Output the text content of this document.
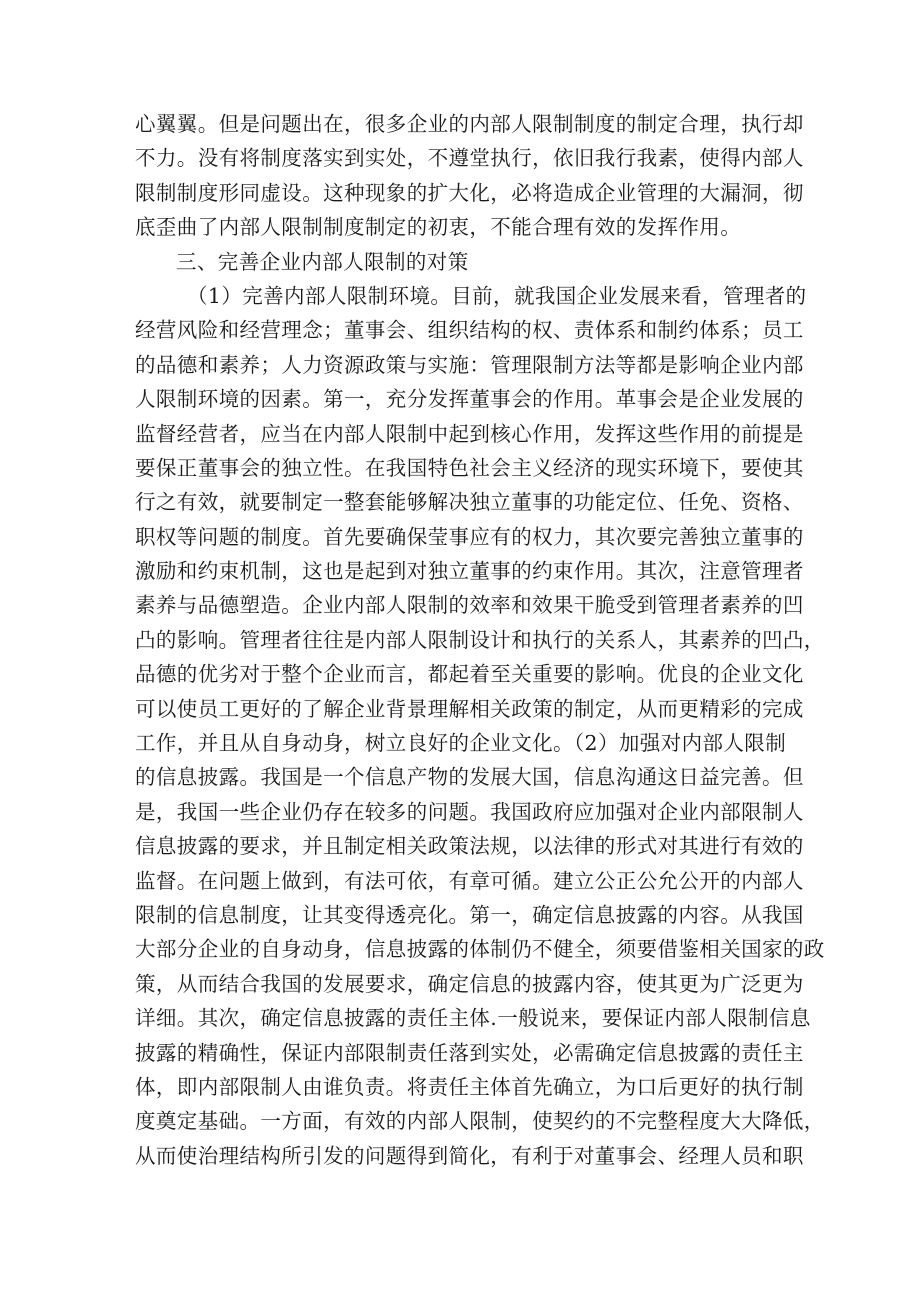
心翼翼。但是问题出在，很多企业的内部人限制制度的制定合理，执行却
不力。没有将制度落实到实处，不遵堂执行，依旧我行我素，使得内部人
限制制度形同虚设。这种现象的扩大化，必将造成企业管理的大漏洞，彻
底歪曲了内部人限制制度制定的初衷，不能合理有效的发挥作用。
三、完善企业内部人限制的对策
（1）完善内部人限制环境。目前，就我国企业发展来看，管理者的
经营风险和经营理念；董事会、组织结构的权、责体系和制约体系；员工
的品德和素养；人力资源政策与实施：管理限制方法等都是影响企业内部
人限制环境的因素。第一，充分发挥董事会的作用。革事会是企业发展的
监督经营者，应当在内部人限制中起到核心作用，发挥这些作用的前提是
要保正董事会的独立性。在我国特色社会主义经济的现实环境下，要使其
行之有效，就要制定一整套能够解决独立董事的功能定位、任免、资格、
职权等问题的制度。首先要确保莹事应有的权力，其次要完善独立董事的
激励和约束机制，这也是起到对独立董事的约束作用。其次，注意管理者
素养与品德塑造。企业内部人限制的效率和效果干脆受到管理者素养的凹
凸的影响。管理者往往是内部人限制设计和执行的关系人，其素养的凹凸，
品德的优劣对于整个企业而言，都起着至关重要的影响。优良的企业文化
可以使员工更好的了解企业背景理解相关政策的制定，从而更精彩的完成
工作，并且从自身动身，树立良好的企业文化。（2）加强对内部人限制
的信息披露。我国是一个信息产物的发展大国，信息沟通这日益完善。但
是，我国一些企业仍存在较多的问题。我国政府应加强对企业内部限制人
信息披露的要求，并且制定相关政策法规，以法律的形式对其进行有效的
监督。在问题上做到，有法可依，有章可循。建立公正公允公开的内部人
限制的信息制度，让其变得透亮化。第一，确定信息披露的内容。从我国
大部分企业的自身动身，信息披露的体制仍不健全，须要借鉴相关国家的政
策，从而结合我国的发展要求，确定信息的披露内容，使其更为广泛更为
详细。其次，确定信息披露的责任主体.一般说来，要保证内部人限制信息
披露的精确性，保证内部限制责任落到实处，必需确定信息披露的责任主
体，即内部限制人由谁负责。将责任主体首先确立，为口后更好的执行制
度奠定基础。一方面，有效的内部人限制，使契约的不完整程度大大降低，
从而使治理结构所引发的问题得到简化，有利于对董事会、经理人员和职
